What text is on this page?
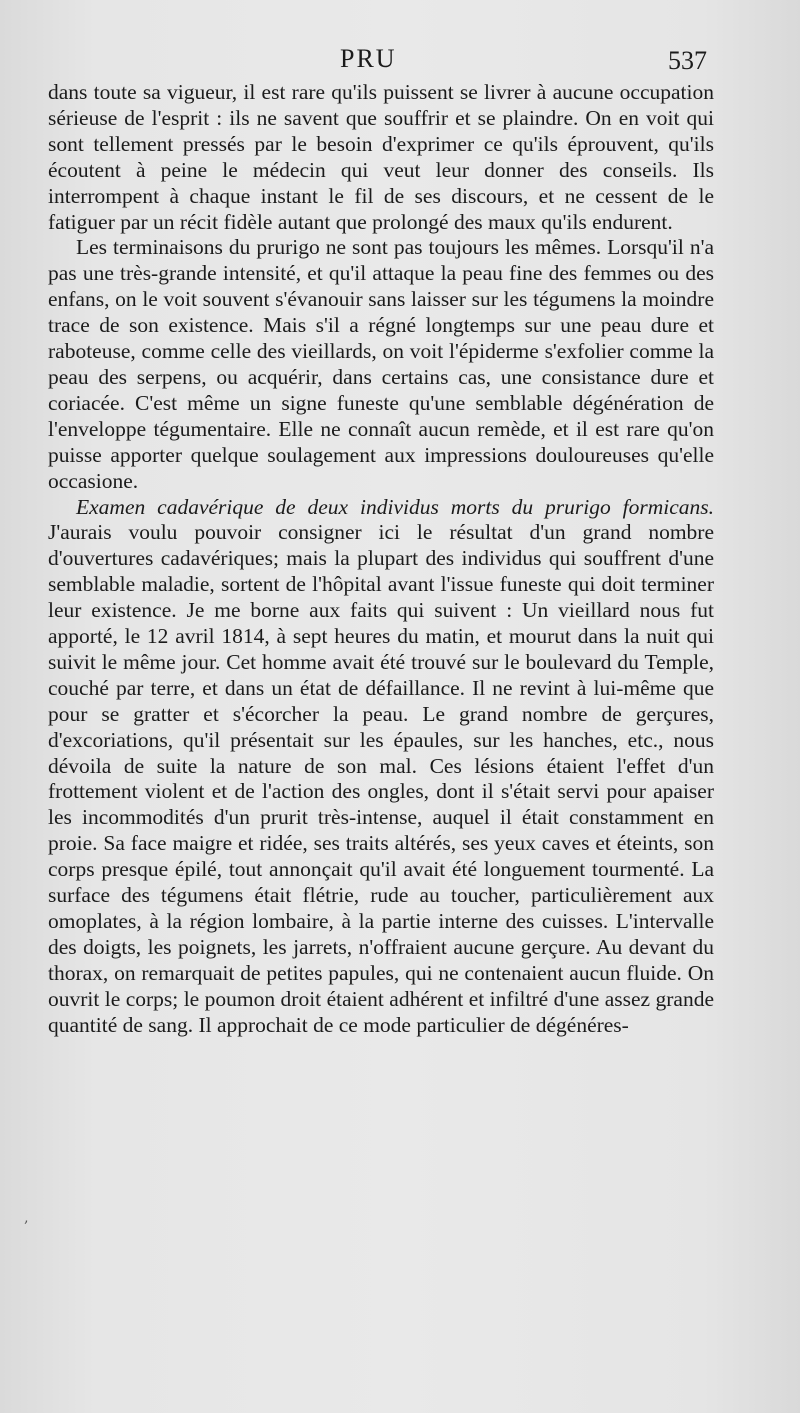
PRU	537

dans toute sa vigueur, il est rare qu'ils puissent se livrer à aucune occupation sérieuse de l'esprit : ils ne savent que souffrir et se plaindre. On en voit qui sont tellement pressés par le besoin d'exprimer ce qu'ils éprouvent, qu'ils écoutent à peine le médecin qui veut leur donner des conseils. Ils interrompent à chaque instant le fil de ses discours, et ne cessent de le fatiguer par un récit fidèle autant que prolongé des maux qu'ils endurent.

Les terminaisons du prurigo ne sont pas toujours les mêmes. Lorsqu'il n'a pas une très-grande intensité, et qu'il attaque la peau fine des femmes ou des enfans, on le voit souvent s'évanouir sans laisser sur les tégumens la moindre trace de son existence. Mais s'il a régné longtemps sur une peau dure et raboteuse, comme celle des vieillards, on voit l'épiderme s'exfolier comme la peau des serpens, ou acquérir, dans certains cas, une consistance dure et coriacée. C'est même un signe funeste qu'une semblable dégénération de l'enveloppe tégumentaire. Elle ne connaît aucun remède, et il est rare qu'on puisse apporter quelque soulagement aux impressions douloureuses qu'elle occasione.

Examen cadavérique de deux individus morts du prurigo formicans. J'aurais voulu pouvoir consigner ici le résultat d'un grand nombre d'ouvertures cadavériques; mais la plupart des individus qui souffrent d'une semblable maladie, sortent de l'hôpital avant l'issue funeste qui doit terminer leur existence. Je me borne aux faits qui suivent : Un vieillard nous fut apporté, le 12 avril 1814, à sept heures du matin, et mourut dans la nuit qui suivit le même jour. Cet homme avait été trouvé sur le boulevard du Temple, couché par terre, et dans un état de défaillance. Il ne revint à lui-même que pour se gratter et s'écorcher la peau. Le grand nombre de gerçures, d'excoriations, qu'il présentait sur les épaules, sur les hanches, etc., nous dévoila de suite la nature de son mal. Ces lésions étaient l'effet d'un frottement violent et de l'action des ongles, dont il s'était servi pour apaiser les incommodités d'un prurit très-intense, auquel il était constamment en proie. Sa face maigre et ridée, ses traits altérés, ses yeux caves et éteints, son corps presque épilé, tout annonçait qu'il avait été longuement tourmenté. La surface des tégumens était flétrie, rude au toucher, particulièrement aux omoplates, à la région lombaire, à la partie interne des cuisses. L'intervalle des doigts, les poignets, les jarrets, n'offraient aucune gerçure. Au devant du thorax, on remarquait de petites papules, qui ne contenaient aucun fluide. On ouvrit le corps; le poumon droit étaient adhérent et infiltré d'une assez grande quantité de sang. Il approchait de ce mode particulier de dégénéres-

‚
